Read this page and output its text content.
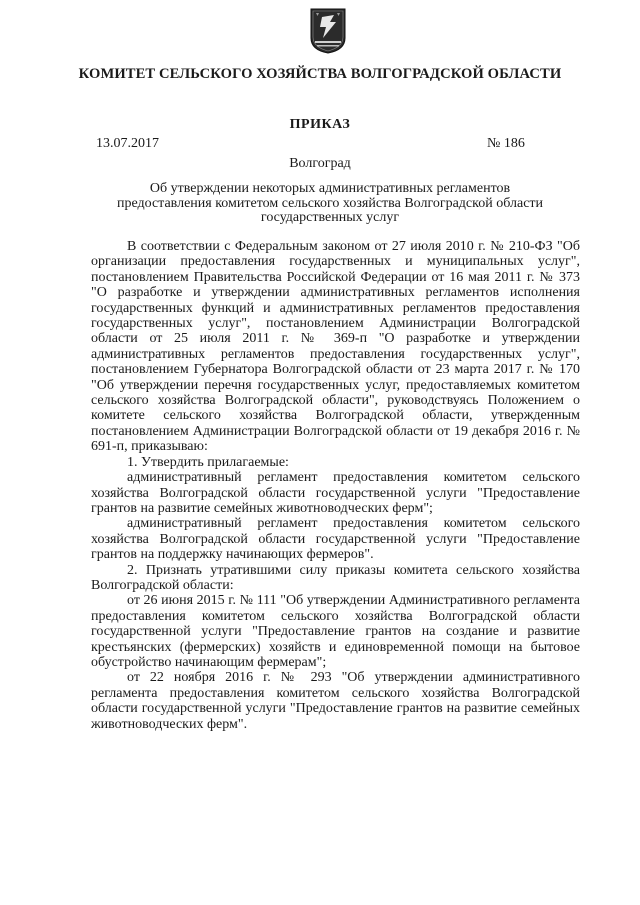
КОМИТЕТ СЕЛЬСКОГО ХОЗЯЙСТВА ВОЛГОГРАДСКОЙ ОБЛАСТИ
ПРИКАЗ
13.07.2017	№ 186
Волгоград
Об утверждении некоторых административных регламентов
предоставления комитетом сельского хозяйства Волгоградской области
государственных услуг

В соответствии с Федеральным законом от 27 июля 2010 г. № 210-ФЗ "Об организации предоставления государственных и муниципальных услуг", постановлением Правительства Российской Федерации от 16 мая 2011 г. № 373 "О разработке и утверждении административных регламентов исполнения государственных функций и административных регламентов предоставления государственных услуг", постановлением Администрации Волгоградской области от 25 июля 2011 г. № 369-п "О разработке и утверждении административных регламентов предоставления государственных услуг", постановлением Губернатора Волгоградской области от 23 марта 2017 г. № 170 "Об утверждении перечня государственных услуг, предоставляемых комитетом сельского хозяйства Волгоградской области", руководствуясь Положением о комитете сельского хозяйства Волгоградской области, утвержденным постановлением Администрации Волгоградской области от 19 декабря 2016 г. № 691-п, приказываю:

1. Утвердить прилагаемые:

административный регламент предоставления комитетом сельского хозяйства Волгоградской области государственной услуги "Предоставление грантов на развитие семейных животноводческих ферм";

административный регламент предоставления комитетом сельского хозяйства Волгоградской области государственной услуги "Предоставление грантов на поддержку начинающих фермеров".

2. Признать утратившими силу приказы комитета сельского хозяйства Волгоградской области:

от 26 июня 2015 г. № 111 "Об утверждении Административного регламента предоставления комитетом сельского хозяйства Волгоградской области государственной услуги "Предоставление грантов на создание и развитие крестьянских (фермерских) хозяйств и единовременной помощи на бытовое обустройство начинающим фермерам";

от 22 ноября 2016 г. № 293 "Об утверждении административного регламента предоставления комитетом сельского хозяйства Волгоградской области государственной услуги "Предоставление грантов на развитие семейных животноводческих ферм".
